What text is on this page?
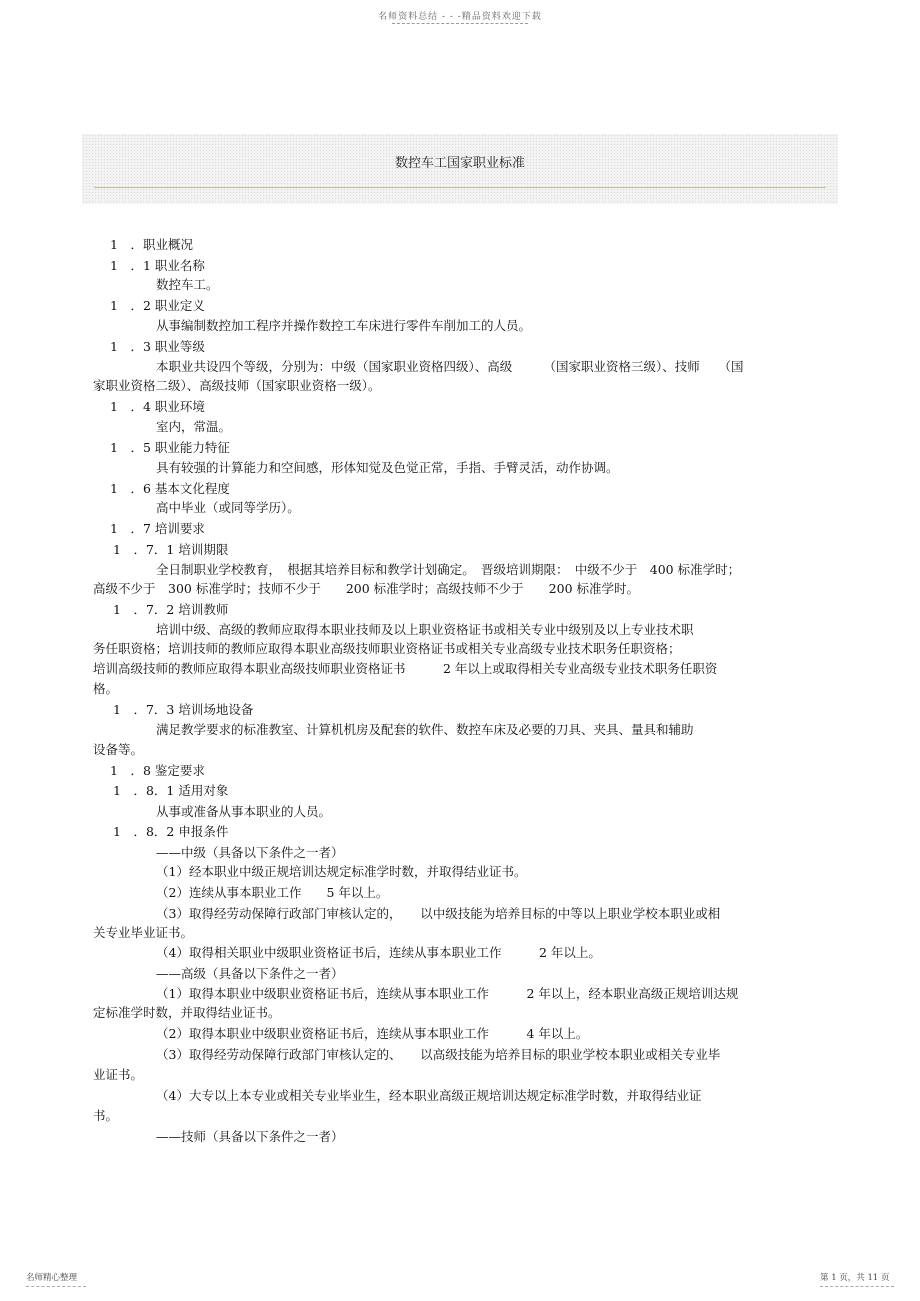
名师资料总结 - - -精品资料欢迎下载
数控车工国家职业标准
1　．职业概况
1　．1 职业名称
数控车工。
1　．2 职业定义
从事编制数控加工程序并操作数控工车床进行零件车削加工的人员。
1　．3 职业等级
本职业共设四个等级，分别为：中级（国家职业资格四级）、高级　　　（国家职业资格三级）、技师　　（国
家职业资格二级）、高级技师（国家职业资格一级）。
1　．4 职业环境
室内，常温。
1　．5 职业能力特征
具有较强的计算能力和空间感，形体知觉及色觉正常，手指、手臂灵活，动作协调。
1　．6 基本文化程度
高中毕业（或同等学历）。
1　．7 培训要求
1　．7．1 培训期限
全日制职业学校教育，　根据其培养目标和教学计划确定。　晋级培训期限：　中级不少于　400 标准学时；
高级不少于　300 标准学时；技师不少于　　200 标准学时；高级技师不少于　　200 标准学时。
1　．7．2 培训教师
培训中级、高级的教师应取得本职业技师及以上职业资格证书或相关专业中级别及以上专业技术职
务任职资格；培训技师的教师应取得本职业高级技师职业资格证书或相关专业高级专业技术职务任职资格；
培训高级技师的教师应取得本职业高级技师职业资格证书　　　2 年以上或取得相关专业高级专业技术职务任职资
格。
1　．7．3 培训场地设备
满足教学要求的标准教室、计算机机房及配套的软件、数控车床及必要的刀具、夹具、量具和辅助
设备等。
1　．8 鉴定要求
1　．8．1 适用对象
从事或准备从事本职业的人员。
1　．8．2 申报条件
——中级（具备以下条件之一者）
（1）经本职业中级正规培训达规定标准学时数，并取得结业证书。
（2）连续从事本职业工作　　5 年以上。
（3）取得经劳动保障行政部门审核认定的，　　以中级技能为培养目标的中等以上职业学校本职业或相
关专业毕业证书。
（4）取得相关职业中级职业资格证书后，连续从事本职业工作　　　2 年以上。
——高级（具备以下条件之一者）
（1）取得本职业中级职业资格证书后，连续从事本职业工作　　　2 年以上，经本职业高级正规培训达规
定标准学时数，并取得结业证书。
（2）取得本职业中级职业资格证书后，连续从事本职业工作　　　4 年以上。
（3）取得经劳动保障行政部门审核认定的、　　以高级技能为培养目标的职业学校本职业或相关专业毕
业证书。
（4）大专以上本专业或相关专业毕业生，经本职业高级正规培训达规定标准学时数，并取得结业证
书。
——技师（具备以下条件之一者）
名师精心整理	第 1 页，共 11 页
